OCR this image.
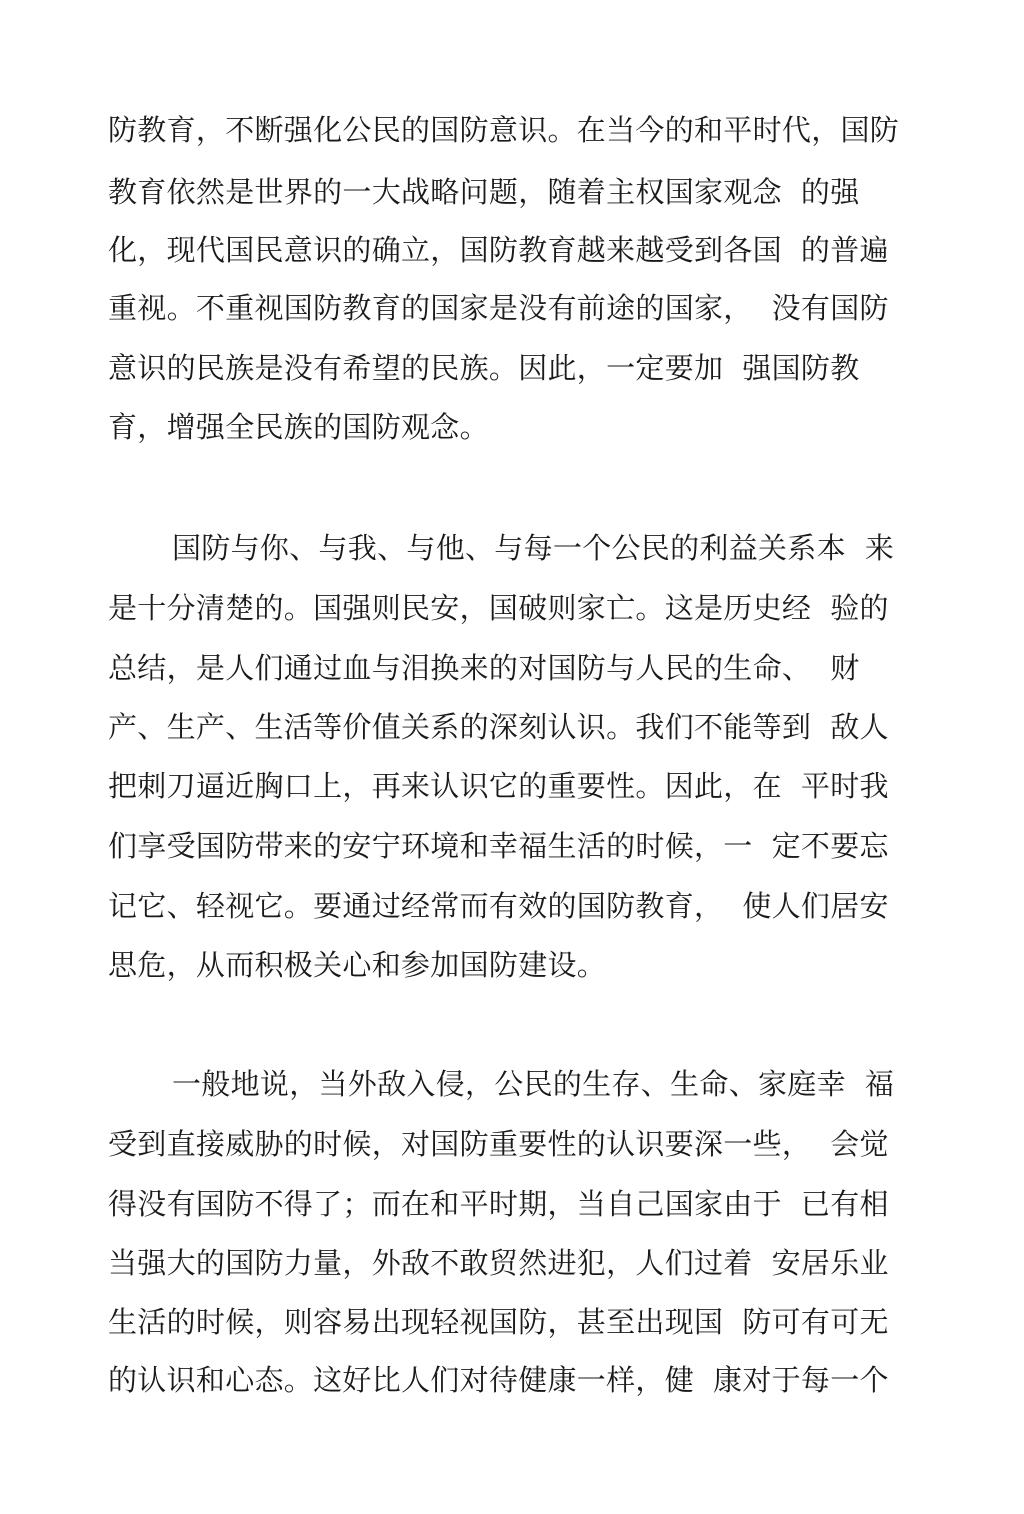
防教育，不断强化公民的国防意识。在当今的和平时代，国防
教育依然是世界的一大战略问题，随着主权国家观念  的强
化，现代国民意识的确立，国防教育越来越受到各国  的普遍
重视。不重视国防教育的国家是没有前途的国家，  没有国防
意识的民族是没有希望的民族。因此，一定要加  强国防教
育，增强全民族的国防观念。
国防与你、与我、与他、与每一个公民的利益关系本  来
是十分清楚的。国强则民安，国破则家亡。这是历史经  验的
总结，是人们通过血与泪换来的对国防与人民的生命、  财
产、生产、生活等价值关系的深刻认识。我们不能等到  敌人
把刺刀逼近胸口上，再来认识它的重要性。因此，在  平时我
们享受国防带来的安宁环境和幸福生活的时候，一  定不要忘
记它、轻视它。要通过经常而有效的国防教育，  使人们居安
思危，从而积极关心和参加国防建设。
一般地说，当外敌入侵，公民的生存、生命、家庭幸  福
受到直接威胁的时候，对国防重要性的认识要深一些，  会觉
得没有国防不得了；而在和平时期，当自己国家由于  已有相
当强大的国防力量，外敌不敢贸然进犯，人们过着  安居乐业
生活的时候，则容易出现轻视国防，甚至出现国  防可有可无
的认识和心态。这好比人们对待健康一样，健  康对于每一个
